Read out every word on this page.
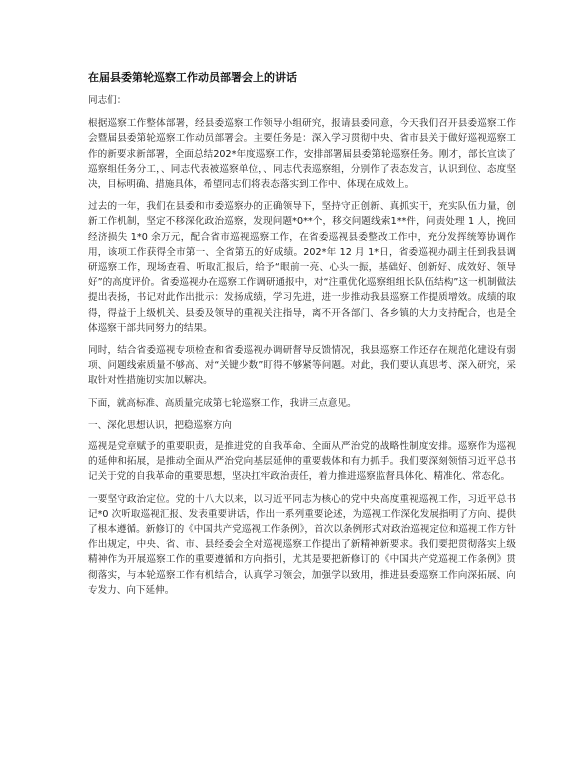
在届县委第轮巡察工作动员部署会上的讲话

同志们：

根据巡察工作整体部署，经县委巡察工作领导小组研究，报请县委同意，今天我们召开县委巡察工作会暨届县委第轮巡察工作动员部署会。主要任务是：深入学习贯彻中央、省市县关于做好巡视巡察工作的新要求新部署，全面总结202*年度巡察工作，安排部署届县委第轮巡察任务。刚才，部长宣读了巡察组任务分工，、同志代表被巡察单位，、同志代表巡察组，分别作了表态发言，认识到位、态度坚决，目标明确、措施具体，希望同志们将表态落实到工作中、体现在成效上。

过去的一年，我们在县委和市委巡察办的正确领导下，坚持守正创新、真抓实干，充实队伍力量，创新工作机制，坚定不移深化政治巡察，发现问题*0**个，移交问题线索1**件，问责处理 1 人，挽回经济损失 1*0 余万元，配合省市巡视巡察工作，在省委巡视县委整改工作中，充分发挥统筹协调作用，该项工作获得全市第一、全省第五的好成绩。202*年 12 月 1*日，省委巡视办副主任到我县调研巡察工作，现场查看、听取汇报后，给予“眼前一亮、心头一振，基础好、创新好、成效好、领导好”的高度评价。省委巡视办在巡察工作调研通报中，对“注重优化巡察组组长队伍结构”这一机制做法提出表扬，书记对此作出批示：发扬成绩，学习先进，进一步推动我县巡察工作提质增效。成绩的取得，得益于上级机关、县委及领导的重视关注指导，离不开各部门、各乡镇的大力支持配合，也是全体巡察干部共同努力的结果。

同时，结合省委巡视专项检查和省委巡视办调研督导反馈情况，我县巡察工作还存在规范化建设有弱项、问题线索质量不够高、对“关键少数”盯得不够紧等问题。对此，我们要认真思考、深入研究，采取针对性措施切实加以解决。

下面，就高标准、高质量完成第七轮巡察工作，我讲三点意见。

一、深化思想认识，把稳巡察方向

巡视是党章赋予的重要职责，是推进党的自我革命、全面从严治党的战略性制度安排。巡察作为巡视的延伸和拓展，是推动全面从严治党向基层延伸的重要载体和有力抓手。我们要深刻领悟习近平总书记关于党的自我革命的重要思想，坚决扛牢政治责任，着力推进巡察监督具体化、精准化、常态化。

一要坚守政治定位。党的十八大以来，以习近平同志为核心的党中央高度重视巡视工作，习近平总书记*0 次听取巡视汇报、发表重要讲话，作出一系列重要论述，为巡视工作深化发展指明了方向、提供了根本遵循。新修订的《中国共产党巡视工作条例》，首次以条例形式对政治巡视定位和巡视工作方针作出规定，中央、省、市、县经委会全对巡视巡察工作提出了新精神新要求。我们要把贯彻落实上级精神作为开展巡察工作的重要遵循和方向指引，尤其是要把新修订的《中国共产党巡视工作条例》贯彻落实，与本轮巡察工作有机结合，认真学习领会，加强学以致用，推进县委巡察工作向深拓展、向专发力、向下延伸。
